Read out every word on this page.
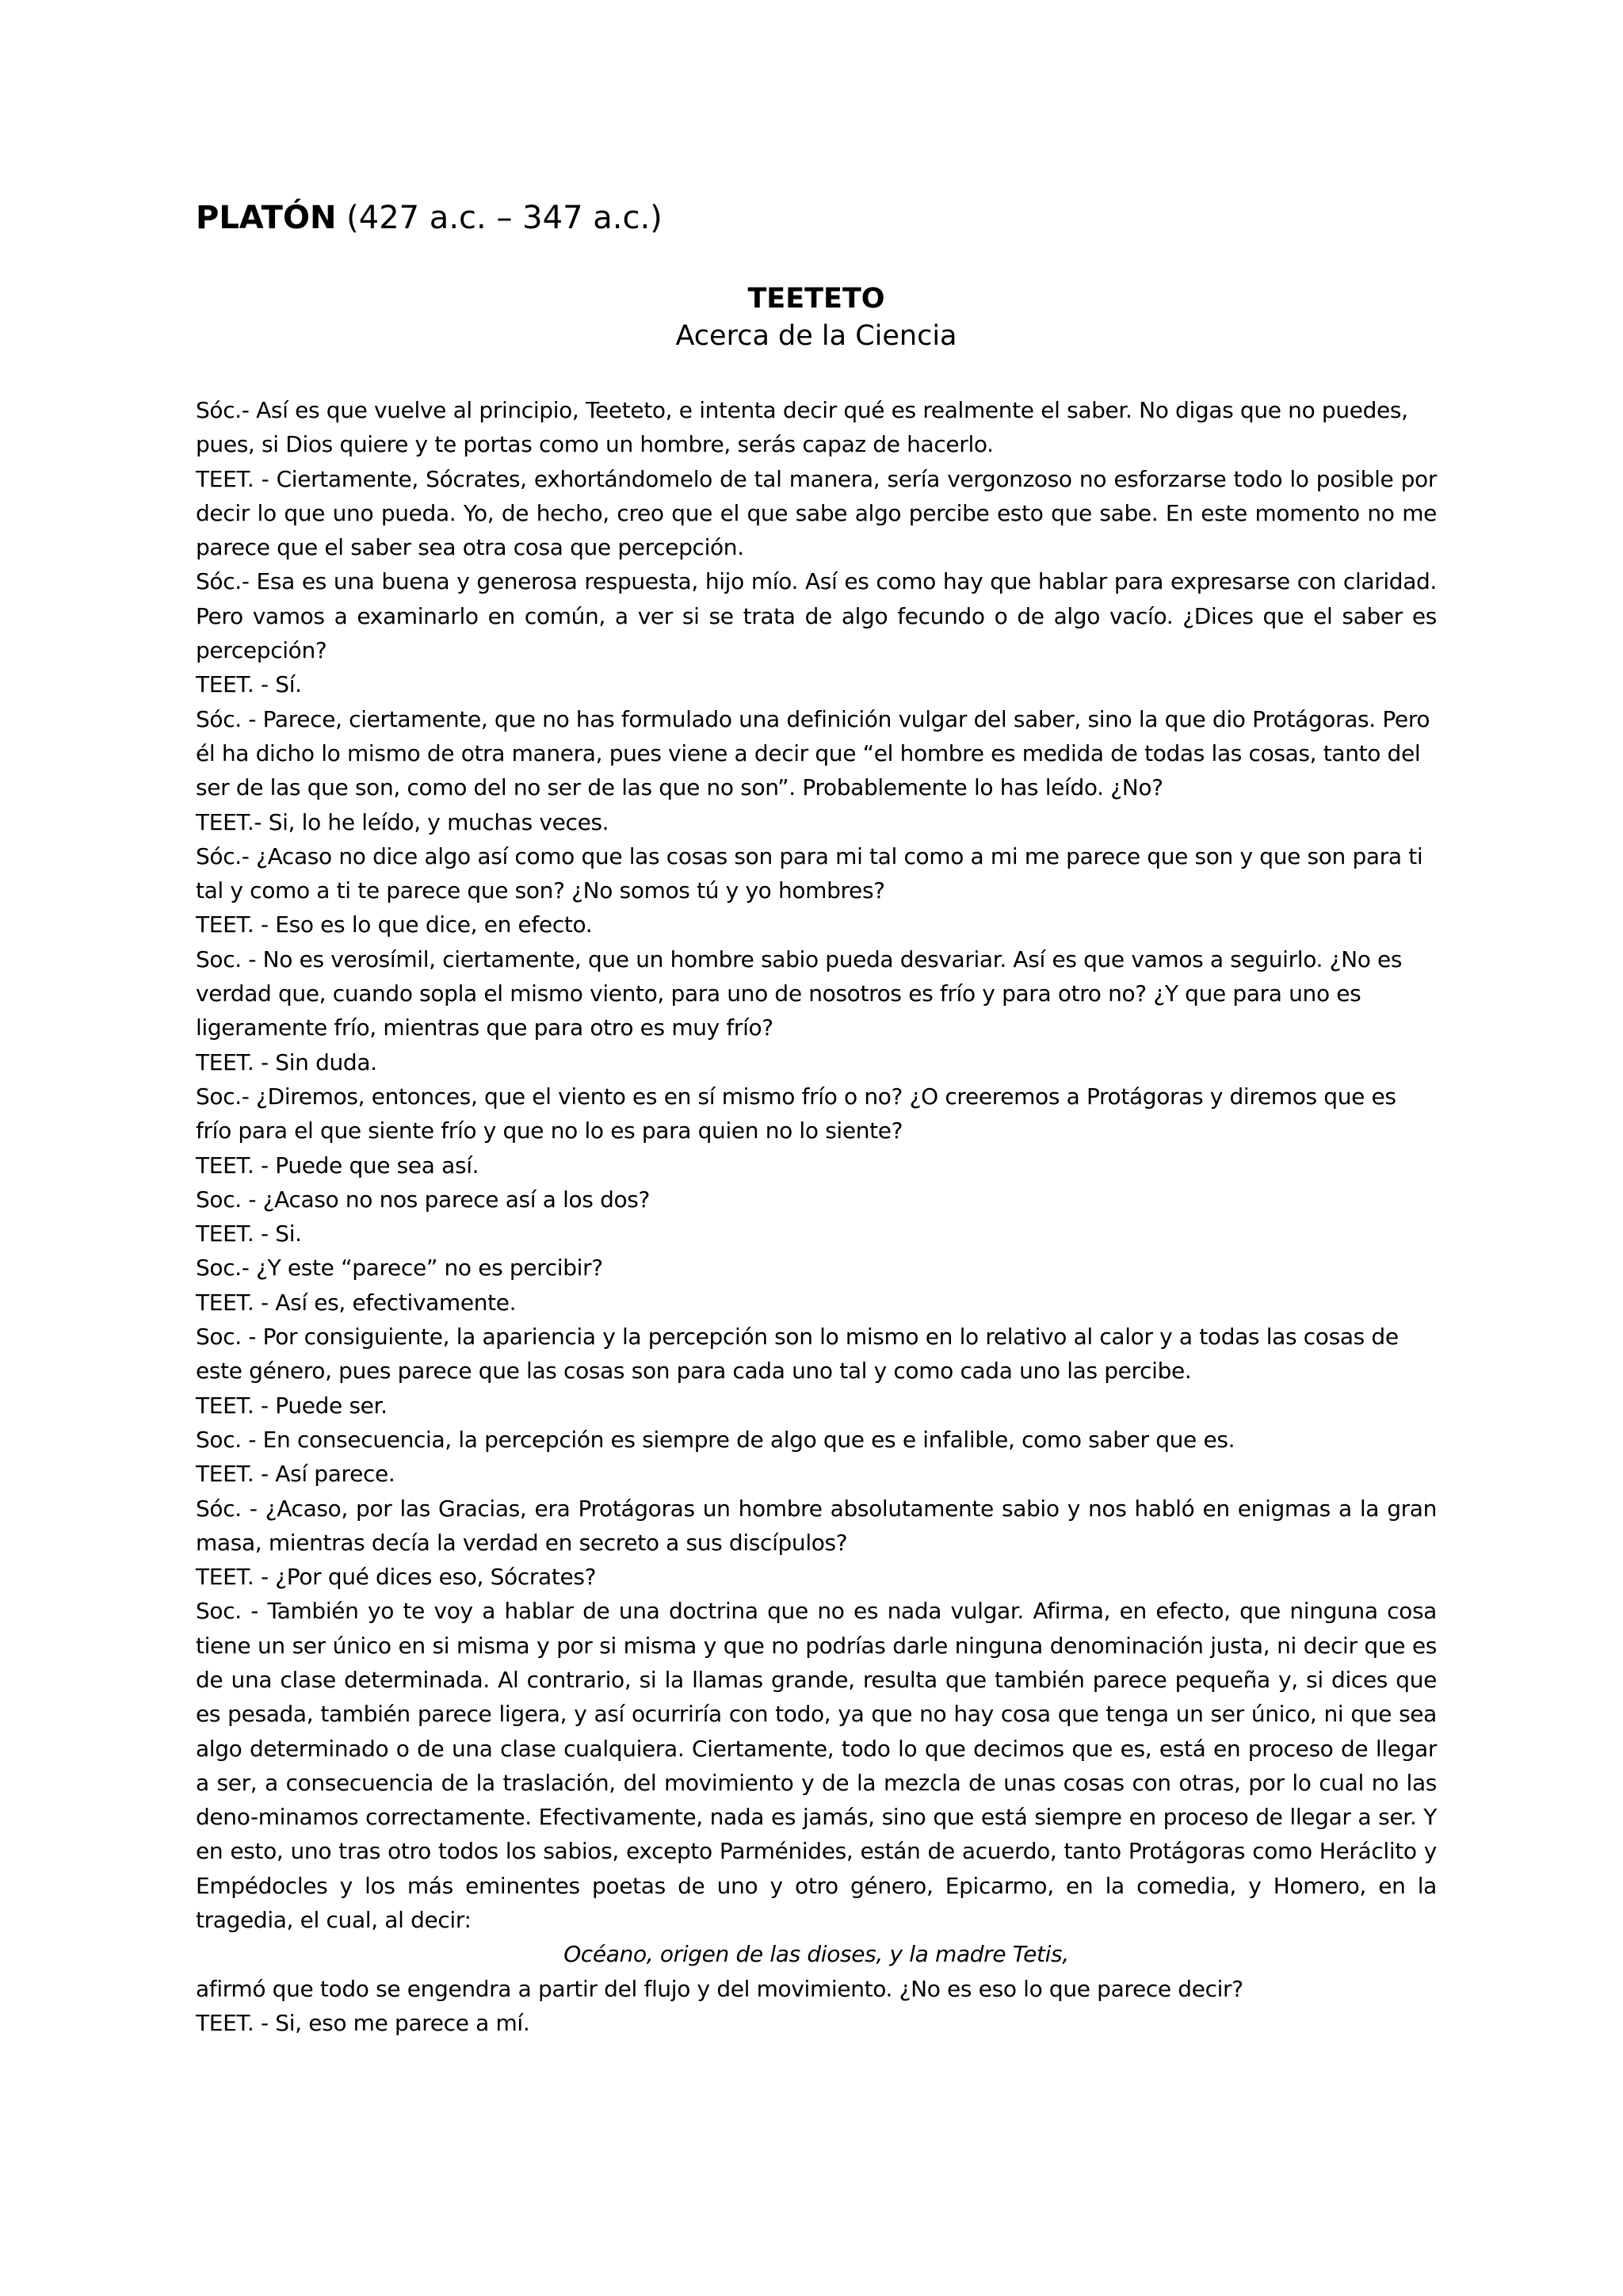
PLATÓN (427 a.c. – 347 a.c.)

TEETETO

Acerca de la Ciencia

Sóc.- Así es que vuelve al principio, Teeteto, e intenta decir qué es realmente el saber. No digas que no puedes, pues, si Dios quiere y te portas como un hombre, serás capaz de hacerlo.

TEET. - Ciertamente, Sócrates, exhortándomelo de tal manera, sería vergonzoso no esforzarse todo lo posible por decir lo que uno pueda. Yo, de hecho, creo que el que sabe algo percibe esto que sabe. En este momento no me parece que el saber sea otra cosa que percepción.

Sóc.- Esa es una buena y generosa respuesta, hijo mío. Así es como hay que hablar para expresarse con claridad. Pero vamos a examinarlo en común, a ver si se trata de algo fecundo o de algo vacío. ¿Dices que el saber es percepción?

TEET. - Sí.

Sóc. - Parece, ciertamente, que no has formulado una definición vulgar del saber, sino la que dio Protágoras. Pero él ha dicho lo mismo de otra manera, pues viene a decir que “el hombre es medida de todas las cosas, tanto del ser de las que son, como del no ser de las que no son”. Probablemente lo has leído. ¿No?

TEET.- Si, lo he leído, y muchas veces.

Sóc.- ¿Acaso no dice algo así como que las cosas son para mi tal como a mi me parece que son y que son para ti tal y como a ti te parece que son? ¿No somos tú y yo hombres?

TEET. - Eso es lo que dice, en efecto.

Soc. - No es verosímil, ciertamente, que un hombre sabio pueda desvariar. Así es que vamos a seguirlo. ¿No es verdad que, cuando sopla el mismo viento, para uno de nosotros es frío y para otro no? ¿Y que para uno es ligeramente frío, mientras que para otro es muy frío?

TEET. - Sin duda.

Soc.- ¿Diremos, entonces, que el viento es en sí mismo frío o no? ¿O creeremos a Protágoras y diremos que es frío para el que siente frío y que no lo es para quien no lo siente?

TEET. - Puede que sea así.

Soc. - ¿Acaso no nos parece así a los dos?

TEET. - Si.

Soc.- ¿Y este “parece” no es percibir?

TEET. - Así es, efectivamente.

Soc. - Por consiguiente, la apariencia y la percepción son lo mismo en lo relativo al calor y a todas las cosas de este género, pues parece que las cosas son para cada uno tal y como cada uno las percibe.

TEET. - Puede ser.

Soc. - En consecuencia, la percepción es siempre de algo que es e infalible, como saber que es.

TEET. - Así parece.

Sóc. - ¿Acaso, por las Gracias, era Protágoras un hombre absolutamente sabio y nos habló en enigmas a la gran masa, mientras decía la verdad en secreto a sus discípulos?

TEET. - ¿Por qué dices eso, Sócrates?

Soc. - También yo te voy a hablar de una doctrina que no es nada vulgar. Afirma, en efecto, que ninguna cosa tiene un ser único en si misma y por si misma y que no podrías darle ninguna denominación justa, ni decir que es de una clase determinada. Al contrario, si la llamas grande, resulta que también parece pequeña y, si dices que es pesada, también parece ligera, y así ocurriría con todo, ya que no hay cosa que tenga un ser único, ni que sea algo determinado o de una clase cualquiera. Ciertamente, todo lo que decimos que es, está en proceso de llegar a ser, a consecuencia de la traslación, del movimiento y de la mezcla de unas cosas con otras, por lo cual no las deno-minamos correctamente. Efectivamente, nada es jamás, sino que está siempre en proceso de llegar a ser. Y en esto, uno tras otro todos los sabios, excepto Parménides, están de acuerdo, tanto Protágoras como Heráclito y Empédocles y los más eminentes poetas de uno y otro género, Epicarmo, en la comedia, y Homero, en la tragedia, el cual, al decir:

Océano, origen de las dioses, y la madre Tetis,

afirmó que todo se engendra a partir del flujo y del movimiento. ¿No es eso lo que parece decir?

TEET. - Si, eso me parece a mí.
